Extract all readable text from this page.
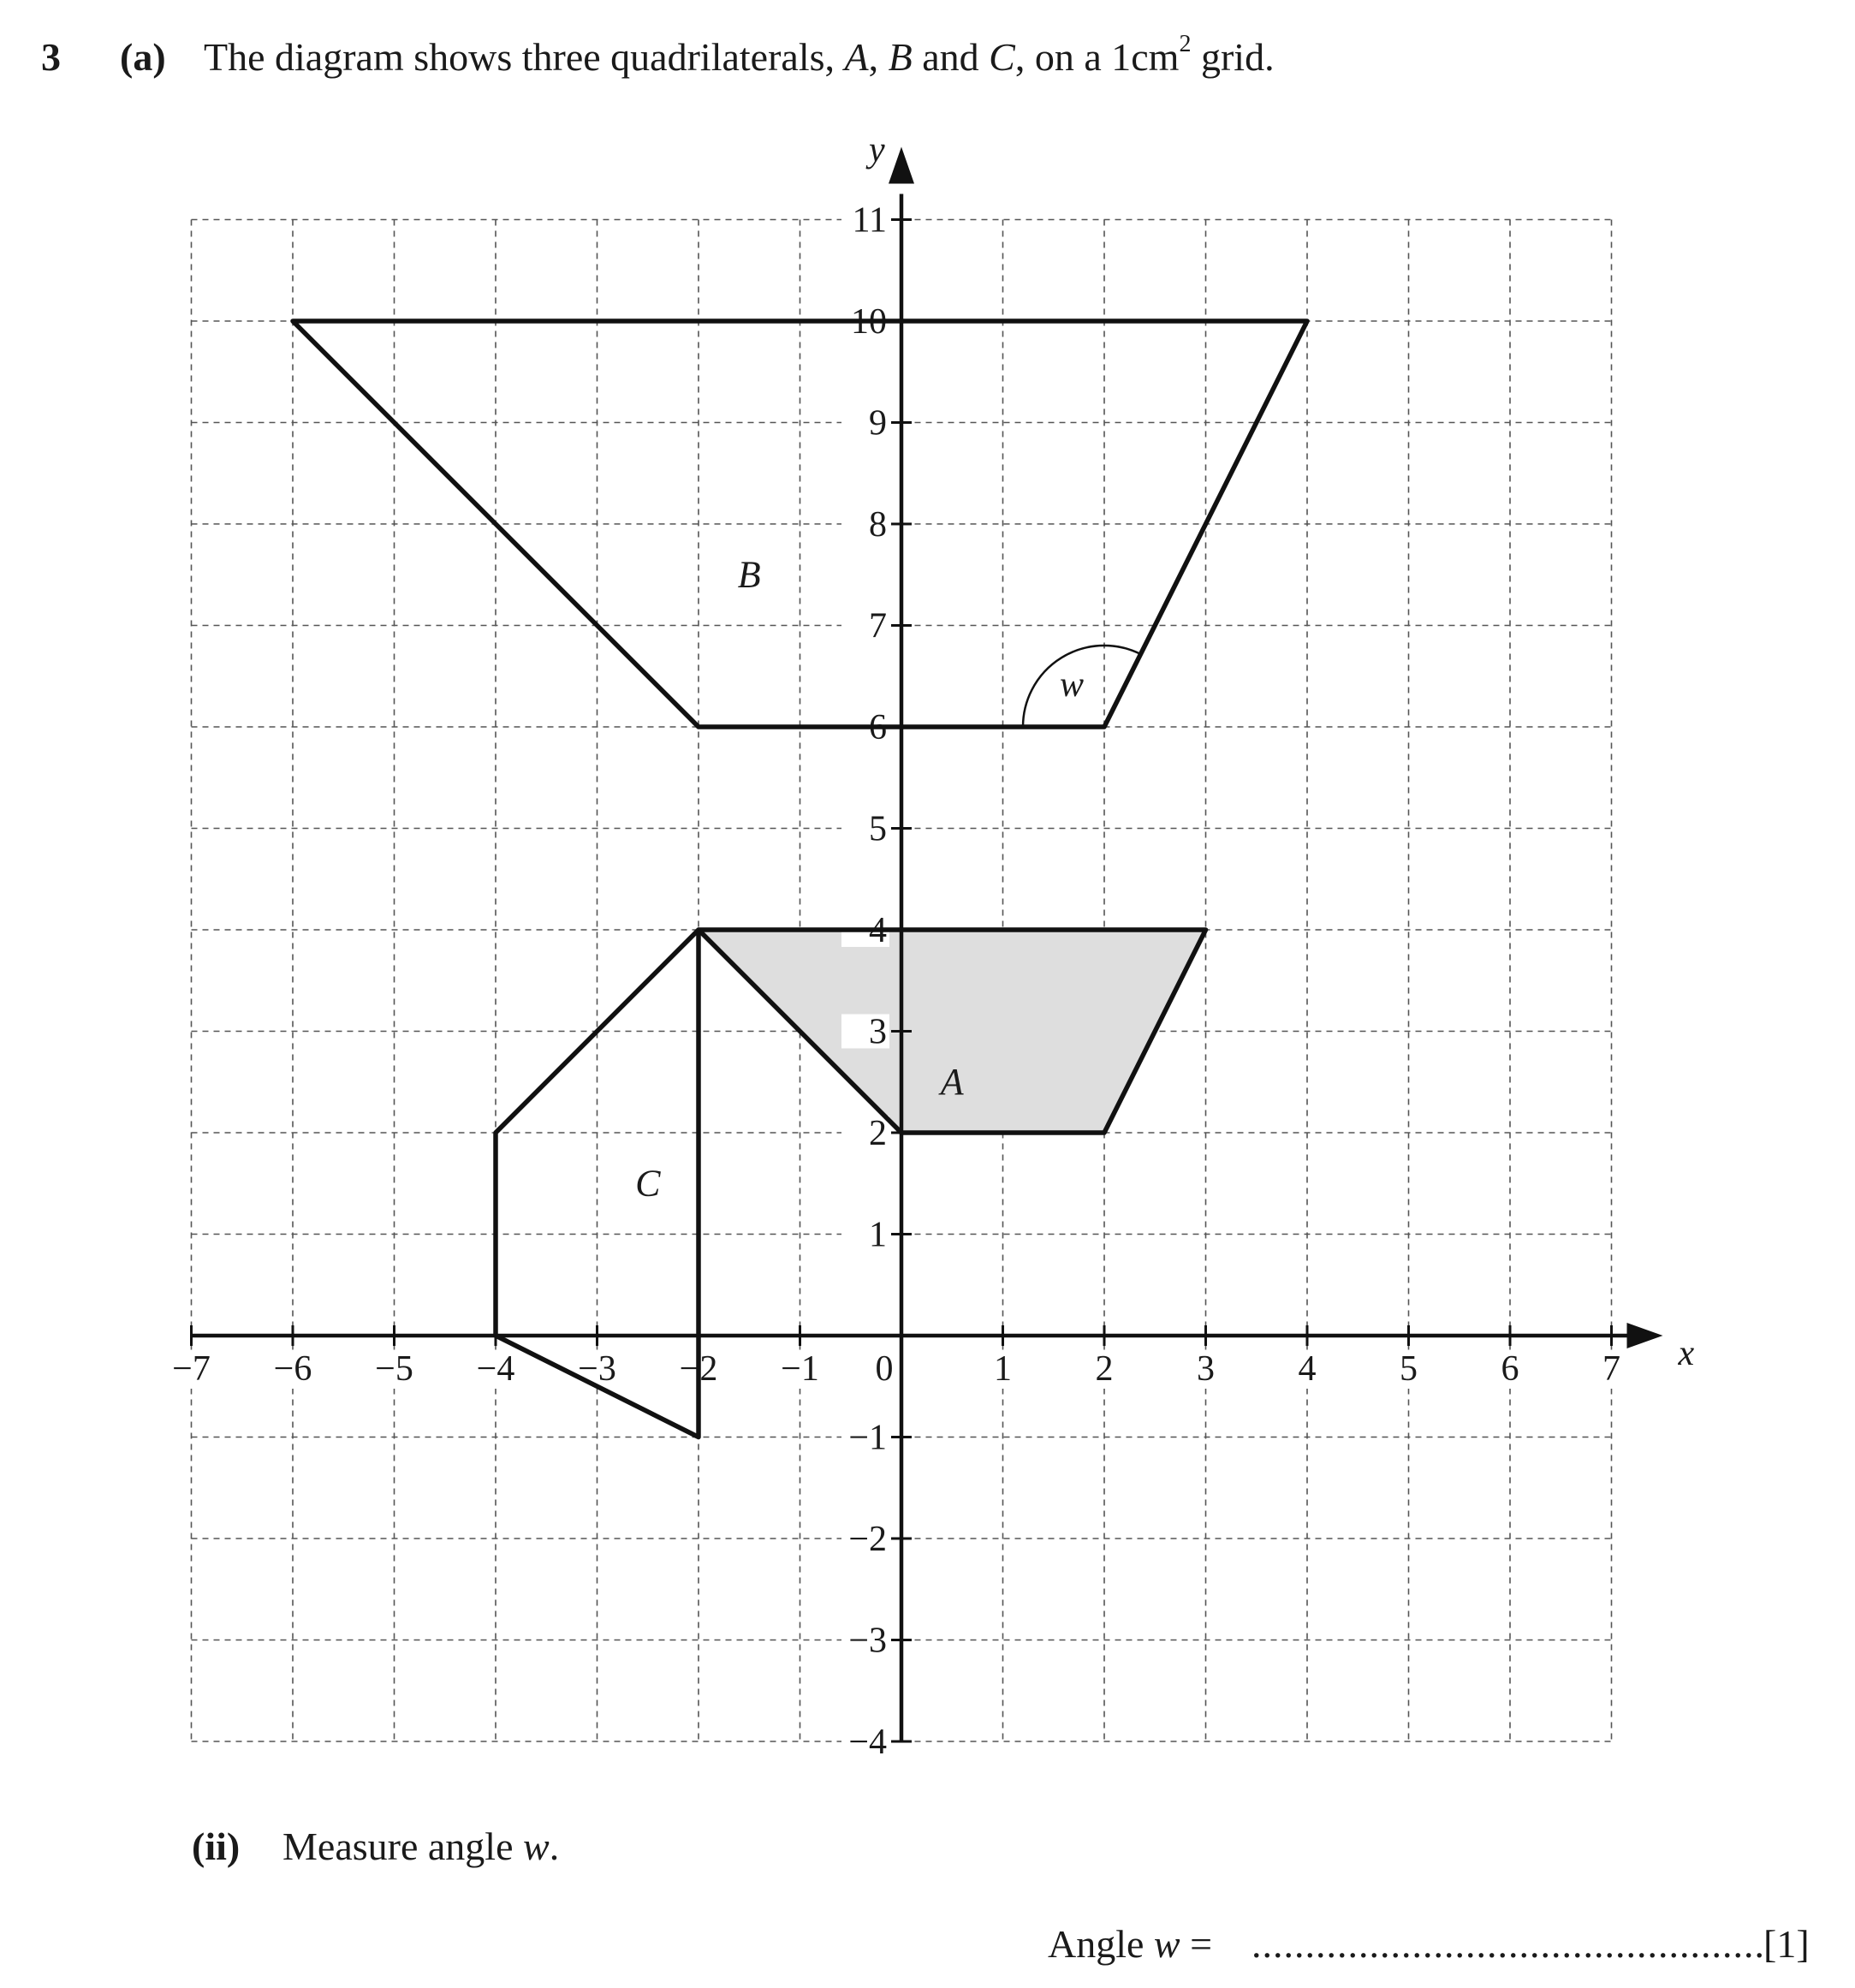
3 (a) The diagram shows three quadrilaterals, A, B and C, on a $1cm^2$ grid.
−7 −6 −5 −4 −3 −2 −1 0	1 2 3 4 5 6 7
11
10
9
8
7
6
5
4
3
2
1
−1
−2
−3
−4
x
y
A
B
C
w
(ii) Measure angle w.
Angle w = ................................................
[1]
